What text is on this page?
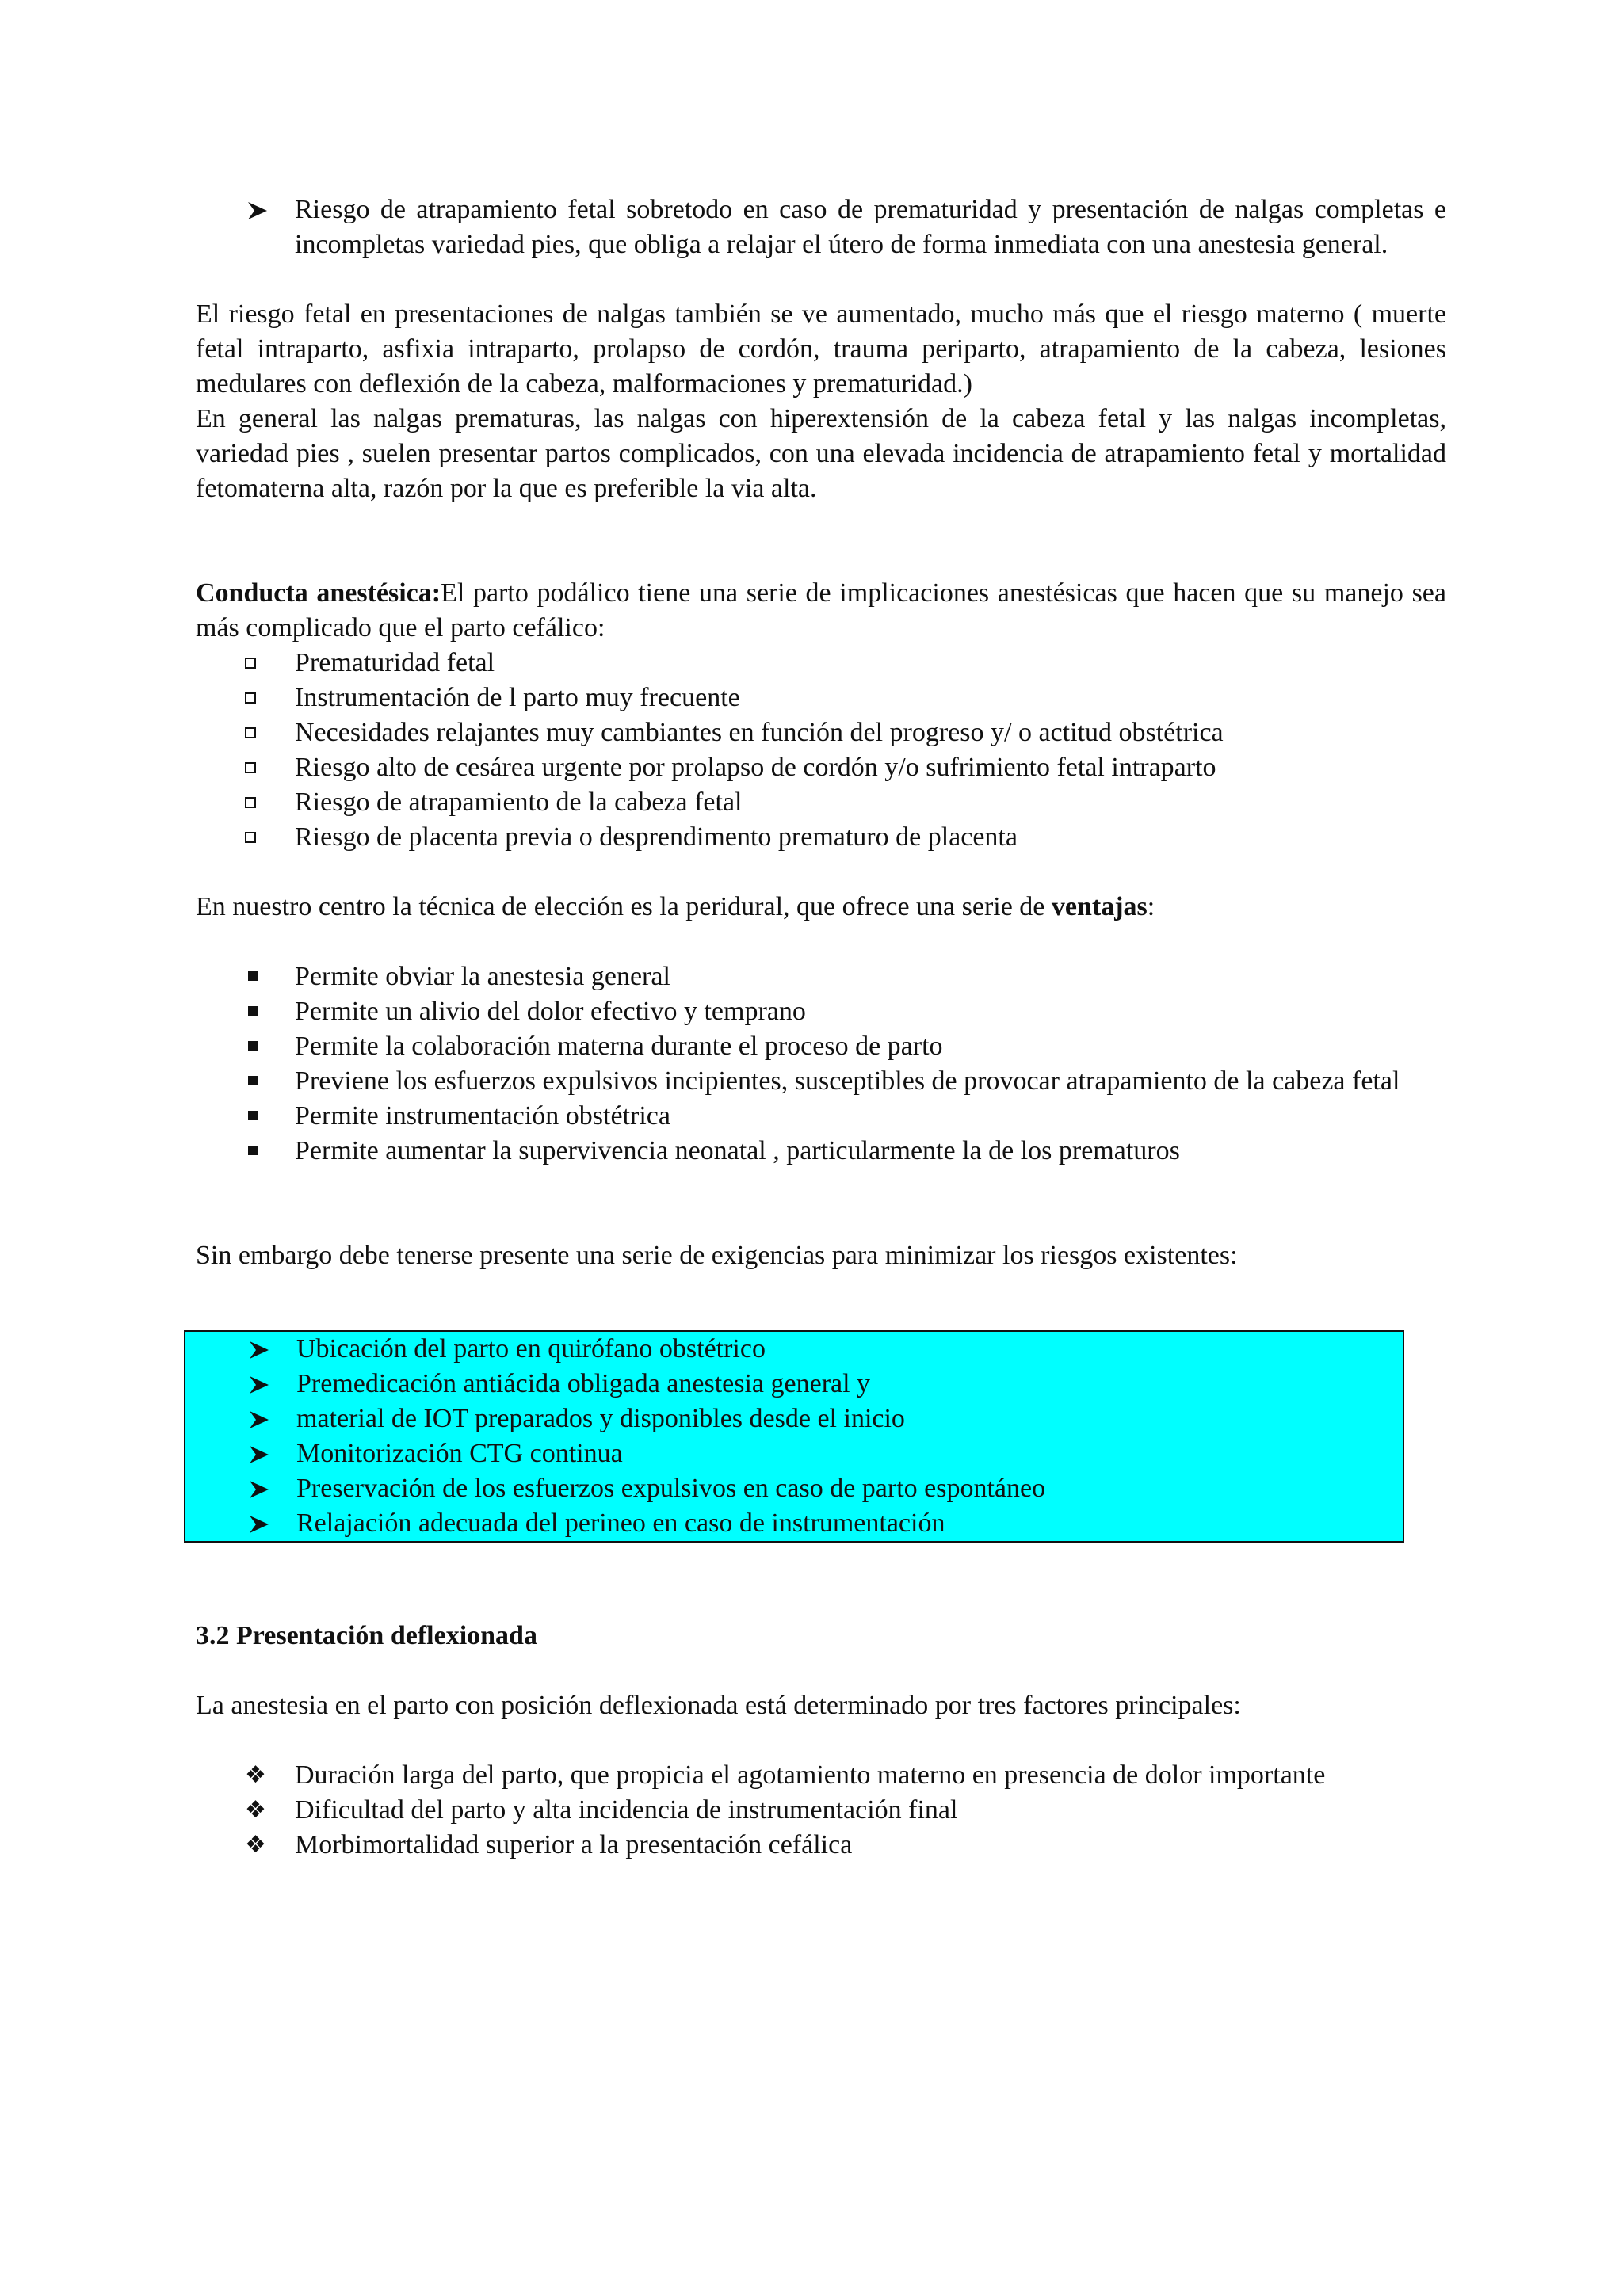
Riesgo de atrapamiento fetal sobretodo en caso de prematuridad y presentación de nalgas completas e incompletas variedad pies, que obliga a relajar el útero de forma inmediata con una anestesia general.

El riesgo fetal en presentaciones de nalgas también se ve aumentado, mucho más que el riesgo materno ( muerte fetal intraparto, asfixia intraparto, prolapso de cordón, trauma periparto, atrapamiento de la cabeza, lesiones medulares con deflexión de la cabeza, malformaciones y prematuridad.)

En general las nalgas prematuras, las nalgas con hiperextensión de la cabeza fetal y las nalgas incompletas, variedad pies , suelen presentar partos complicados, con una elevada incidencia de atrapamiento fetal y mortalidad fetomaterna alta, razón por la que es preferible la via alta.

Conducta anestésica:El parto podálico tiene una serie de implicaciones anestésicas que hacen que su manejo sea más complicado que el parto cefálico:

Prematuridad fetal
Instrumentación de l parto muy frecuente
Necesidades relajantes muy cambiantes en función del progreso y/ o actitud obstétrica
Riesgo alto de cesárea urgente por prolapso de cordón y/o sufrimiento fetal intraparto
Riesgo de atrapamiento de la cabeza fetal
Riesgo de placenta previa o desprendimento prematuro de placenta

En nuestro centro la técnica de elección es la peridural, que ofrece una serie de ventajas:

Permite obviar la anestesia general
Permite un alivio del dolor efectivo y temprano
Permite la colaboración materna durante el proceso de parto
Previene los esfuerzos expulsivos incipientes, susceptibles de provocar atrapamiento de la cabeza fetal
Permite instrumentación obstétrica
Permite aumentar la supervivencia neonatal , particularmente la de los prematuros

Sin embargo debe tenerse presente una serie de exigencias para minimizar los riesgos existentes:

Ubicación del parto en quirófano obstétrico
Premedicación antiácida obligada anestesia general y
material de IOT preparados y disponibles desde el inicio
Monitorización CTG continua
Preservación de los esfuerzos expulsivos en caso de parto espontáneo
Relajación adecuada del perineo en caso de instrumentación

3.2 Presentación deflexionada

La anestesia en el parto con posición deflexionada está determinado por tres factores principales:

❖ Duración larga del parto, que propicia el agotamiento materno en presencia de dolor importante
❖ Dificultad del parto y alta incidencia de instrumentación final
❖ Morbimortalidad superior a la presentación cefálica
